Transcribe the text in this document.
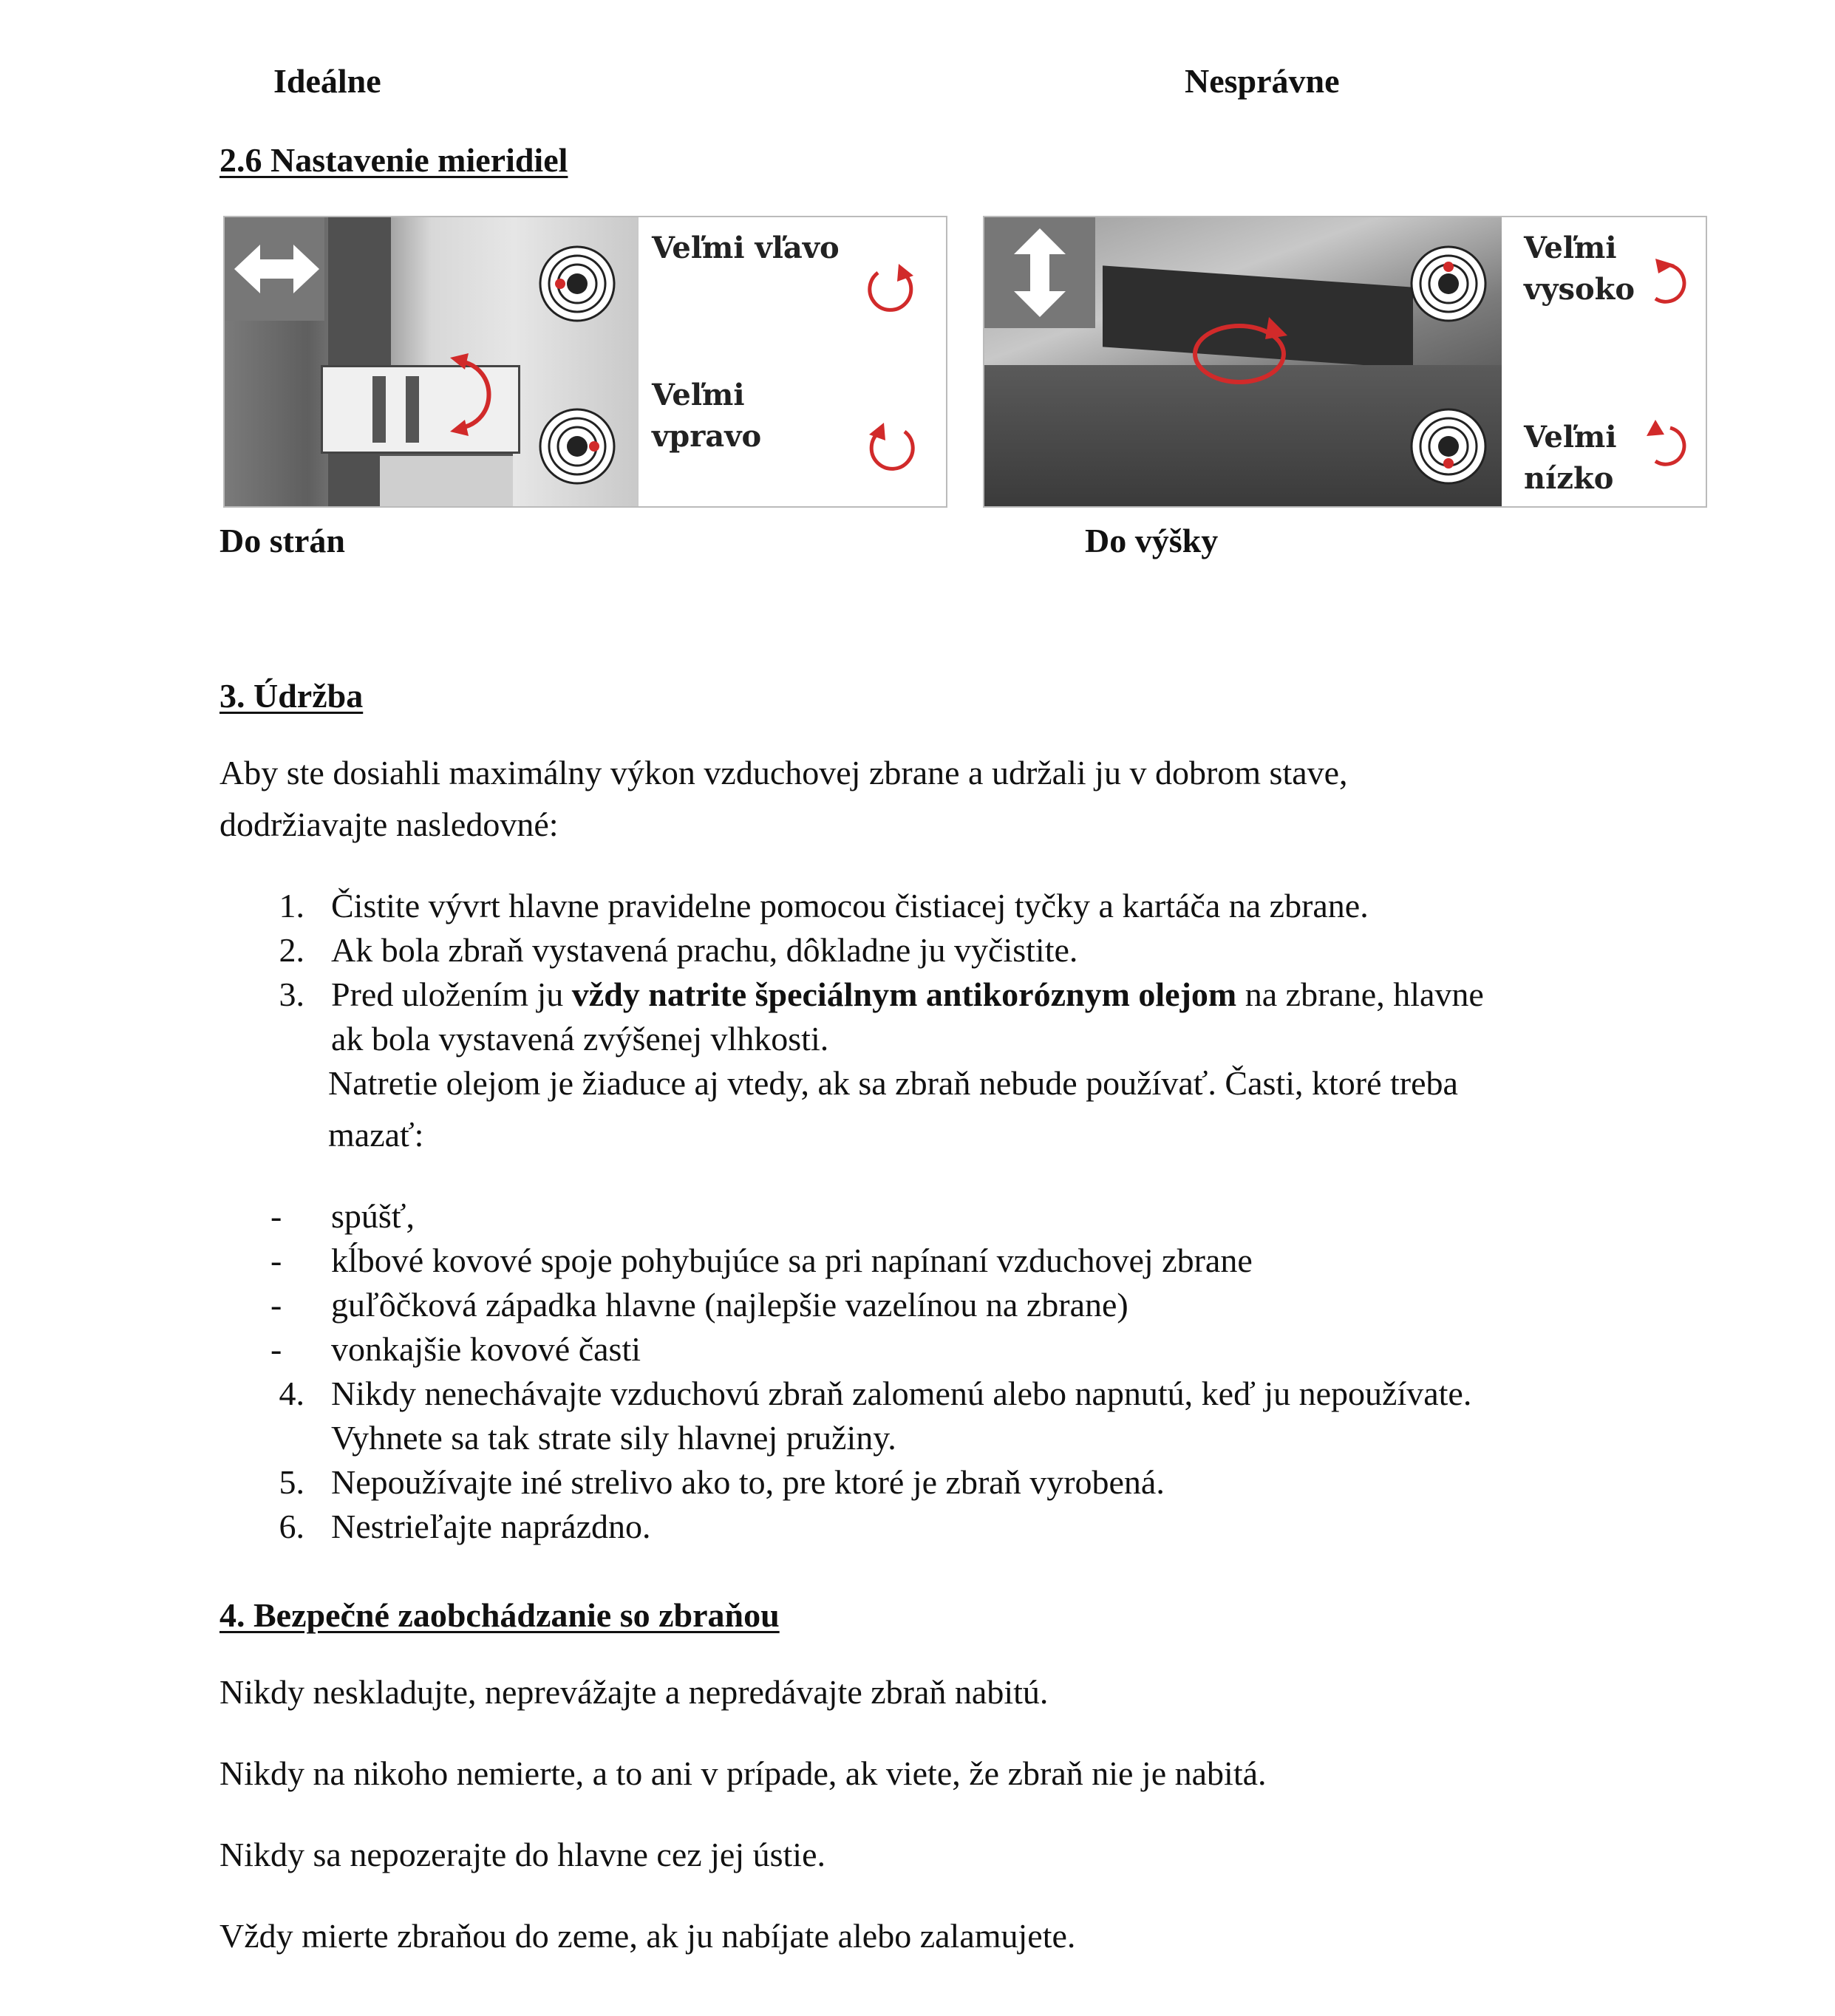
Ideálne	Nesprávne
2.6 Nastavenie mieridiel
Veľmi vľavo
Veľmi
vpravo
Veľmi
vysoko
Veľmi
nízko
Do strán	Do výšky
3. Údržba
Aby ste dosiahli maximálny výkon vzduchovej zbrane a udržali ju v dobrom stave,
dodržiavajte nasledovné:
1. Čistite vývrt hlavne pravidelne pomocou čistiacej tyčky a kartáča na zbrane.
2. Ak bola zbraň vystavená prachu, dôkladne ju vyčistite.
3. Pred uložením ju vždy natrite špeciálnym antikoróznym olejom na zbrane, hlavne
ak bola vystavená zvýšenej vlhkosti.
Natretie olejom je žiaduce aj vtedy, ak sa zbraň nebude používať. Časti, ktoré treba
mazať:
-	spúšť,
-	kĺbové kovové spoje pohybujúce sa pri napínaní vzduchovej zbrane
-	guľôčková západka hlavne (najlepšie vazelínou na zbrane)
-	vonkajšie kovové časti
4. Nikdy nenechávajte vzduchovú zbraň zalomenú alebo napnutú, keď ju nepoužívate.
Vyhnete sa tak strate sily hlavnej pružiny.
5. Nepoužívajte iné strelivo ako to, pre ktoré je zbraň vyrobená.
6. Nestrieľajte naprázdno.
4. Bezpečné zaobchádzanie so zbraňou
Nikdy neskladujte, neprevážajte a nepredávajte zbraň nabitú.
Nikdy na nikoho nemierte, a to ani v prípade, ak viete, že zbraň nie je nabitá.
Nikdy sa nepozerajte do hlavne cez jej ústie.
Vždy mierte zbraňou do zeme, ak ju nabíjate alebo zalamujete.
